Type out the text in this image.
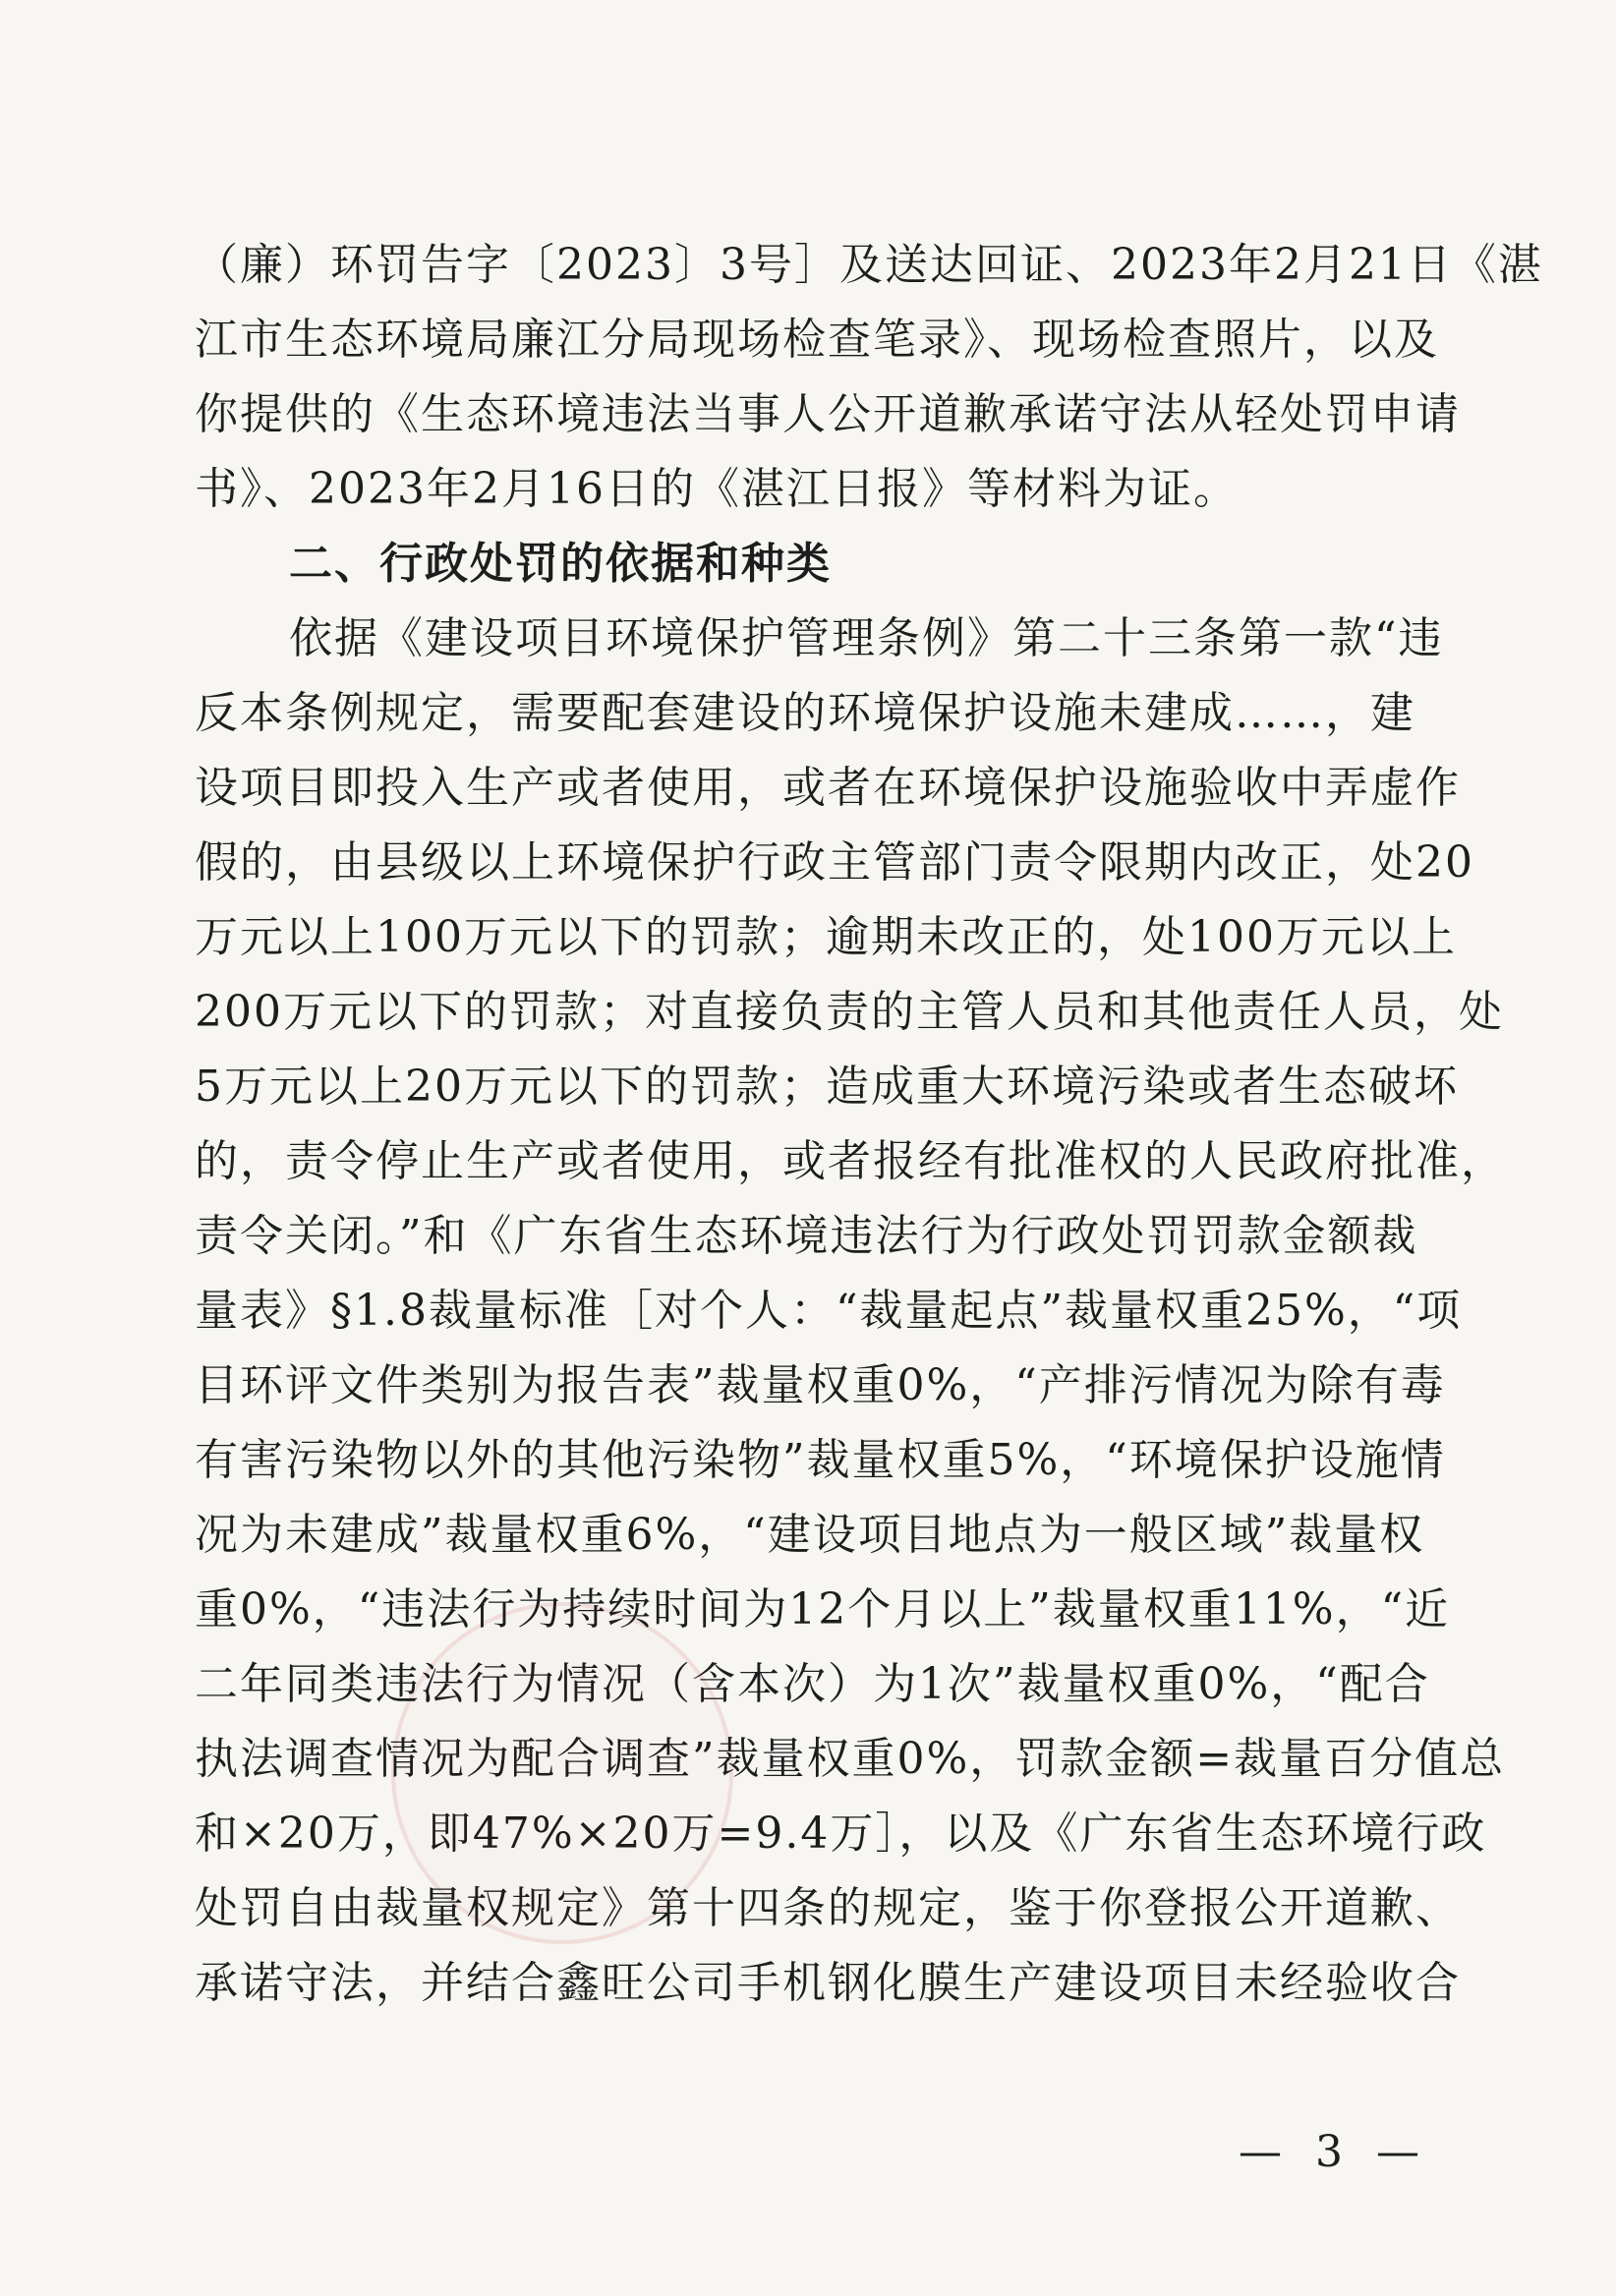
（廉）环罚告字〔2023〕3号］及送达回证、2023年2月21日《湛
江市生态环境局廉江分局现场检查笔录》、现场检查照片，以及
你提供的《生态环境违法当事人公开道歉承诺守法从轻处罚申请
书》、2023年2月16日的《湛江日报》等材料为证。
二、行政处罚的依据和种类
依据《建设项目环境保护管理条例》第二十三条第一款“违
反本条例规定，需要配套建设的环境保护设施未建成……，建
设项目即投入生产或者使用，或者在环境保护设施验收中弄虚作
假的，由县级以上环境保护行政主管部门责令限期内改正，处20
万元以上100万元以下的罚款；逾期未改正的，处100万元以上
200万元以下的罚款；对直接负责的主管人员和其他责任人员，处
5万元以上20万元以下的罚款；造成重大环境污染或者生态破坏
的，责令停止生产或者使用，或者报经有批准权的人民政府批准，
责令关闭。”和《广东省生态环境违法行为行政处罚罚款金额裁
量表》§1.8裁量标准［对个人：“裁量起点”裁量权重25%，“项
目环评文件类别为报告表”裁量权重0%，“产排污情况为除有毒
有害污染物以外的其他污染物”裁量权重5%，“环境保护设施情
况为未建成”裁量权重6%，“建设项目地点为一般区域”裁量权
重0%，“违法行为持续时间为12个月以上”裁量权重11%，“近
二年同类违法行为情况（含本次）为1次”裁量权重0%，“配合
执法调查情况为配合调查”裁量权重0%，罚款金额=裁量百分值总
和×20万，即47%×20万=9.4万］，以及《广东省生态环境行政
处罚自由裁量权规定》第十四条的规定，鉴于你登报公开道歉、
承诺守法，并结合鑫旺公司手机钢化膜生产建设项目未经验收合
— 3 —
